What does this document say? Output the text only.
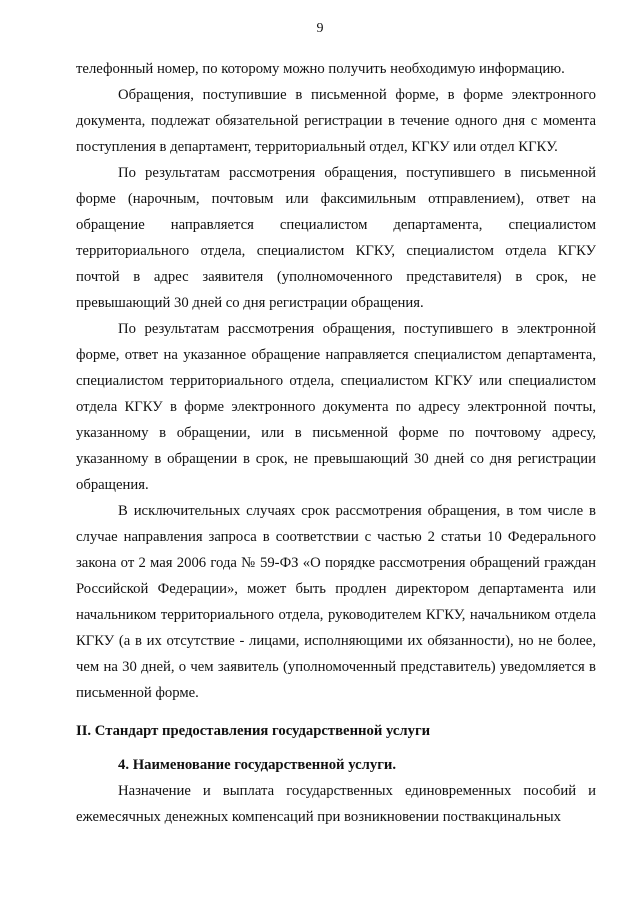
9

телефонный номер, по которому можно получить необходимую информацию.

Обращения, поступившие в письменной форме, в форме электронного документа, подлежат обязательной регистрации в течение одного дня с момента поступления в департамент, территориальный отдел, КГКУ или отдел КГКУ.

По результатам рассмотрения обращения, поступившего в письменной форме (нарочным, почтовым или факсимильным отправлением), ответ на обращение направляется специалистом департамента, специалистом территориального отдела, специалистом КГКУ, специалистом отдела КГКУ почтой в адрес заявителя (уполномоченного представителя) в срок, не превышающий 30 дней со дня регистрации обращения.

По результатам рассмотрения обращения, поступившего в электронной форме, ответ на указанное обращение направляется специалистом департамента, специалистом территориального отдела, специалистом КГКУ или специалистом отдела КГКУ в форме электронного документа по адресу электронной почты, указанному в обращении, или в письменной форме по почтовому адресу, указанному в обращении в срок, не превышающий 30 дней со дня регистрации обращения.

В исключительных случаях срок рассмотрения обращения, в том числе в случае направления запроса в соответствии с частью 2 статьи 10 Федерального закона от 2 мая 2006 года № 59-ФЗ «О порядке рассмотрения обращений граждан Российской Федерации», может быть продлен директором департамента или начальником территориального отдела, руководителем КГКУ, начальником отдела КГКУ (а в их отсутствие - лицами, исполняющими их обязанности), но не более, чем на 30 дней, о чем заявитель (уполномоченный представитель) уведомляется в письменной форме.

II. Стандарт предоставления государственной услуги

4. Наименование государственной услуги.

Назначение и выплата государственных единовременных пособий и ежемесячных денежных компенсаций при возникновении поствакцинальных
